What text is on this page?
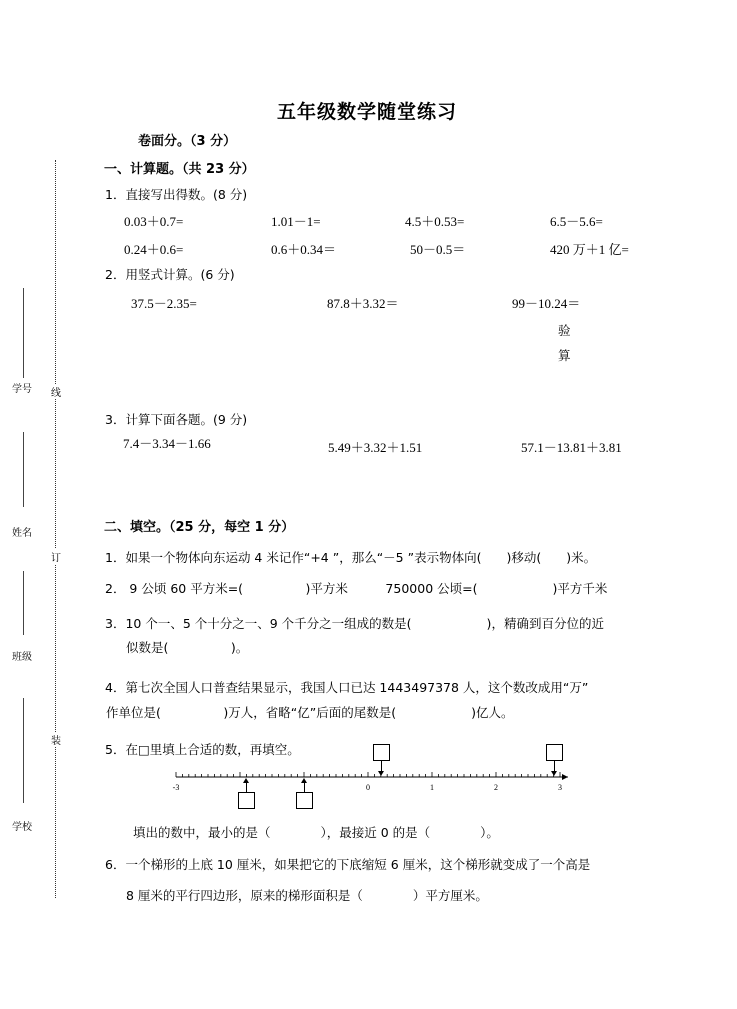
学号
姓名
班级
学校
线
订
装
五年级数学随堂练习
卷面分。（3 分）
一、计算题。（共 23 分）
1．直接写出得数。(8 分)
0.03＋0.7=	1.01－1=	4.5＋0.53=	6.5－5.6=
0.24＋0.6=	0.6＋0.34＝	50－0.5＝	420 万＋1 亿=
2．用竖式计算。(6 分)
37.5－2.35=	87.8＋3.32＝	99－10.24＝
验
算
3．计算下面各题。(9 分)
7.4－3.34－1.66	5.49＋3.32＋1.51	57.1－13.81＋3.81
二、填空。（25 分，每空 1 分）
1．如果一个物体向东运动 4 米记作“+4 ”，那么“－5 ”表示物体向(　　)移动(　　)米。
2． 9 公顷 60 平方米=(　　　　　)平方米　　　750000 公顷=(　　　　　　)平方千米
3．10 个一、5 个十分之一、9 个千分之一组成的数是(　　　　　　)，精确到百分位的近
似数是(　　　　　)。
4．第七次全国人口普查结果显示，我国人口已达 1443497378 人，这个数改成用“万”
作单位是(　　　　　)万人，省略“亿”后面的尾数是(　　　　　　)亿人。
5．在□里填上合适的数，再填空。
-3	0	1	2	3
填出的数中，最小的是（　　　　），最接近 0 的是（　　　　）。
6．一个梯形的上底 10 厘米，如果把它的下底缩短 6 厘米，这个梯形就变成了一个高是
8 厘米的平行四边形，原来的梯形面积是（　　　　）平方厘米。
